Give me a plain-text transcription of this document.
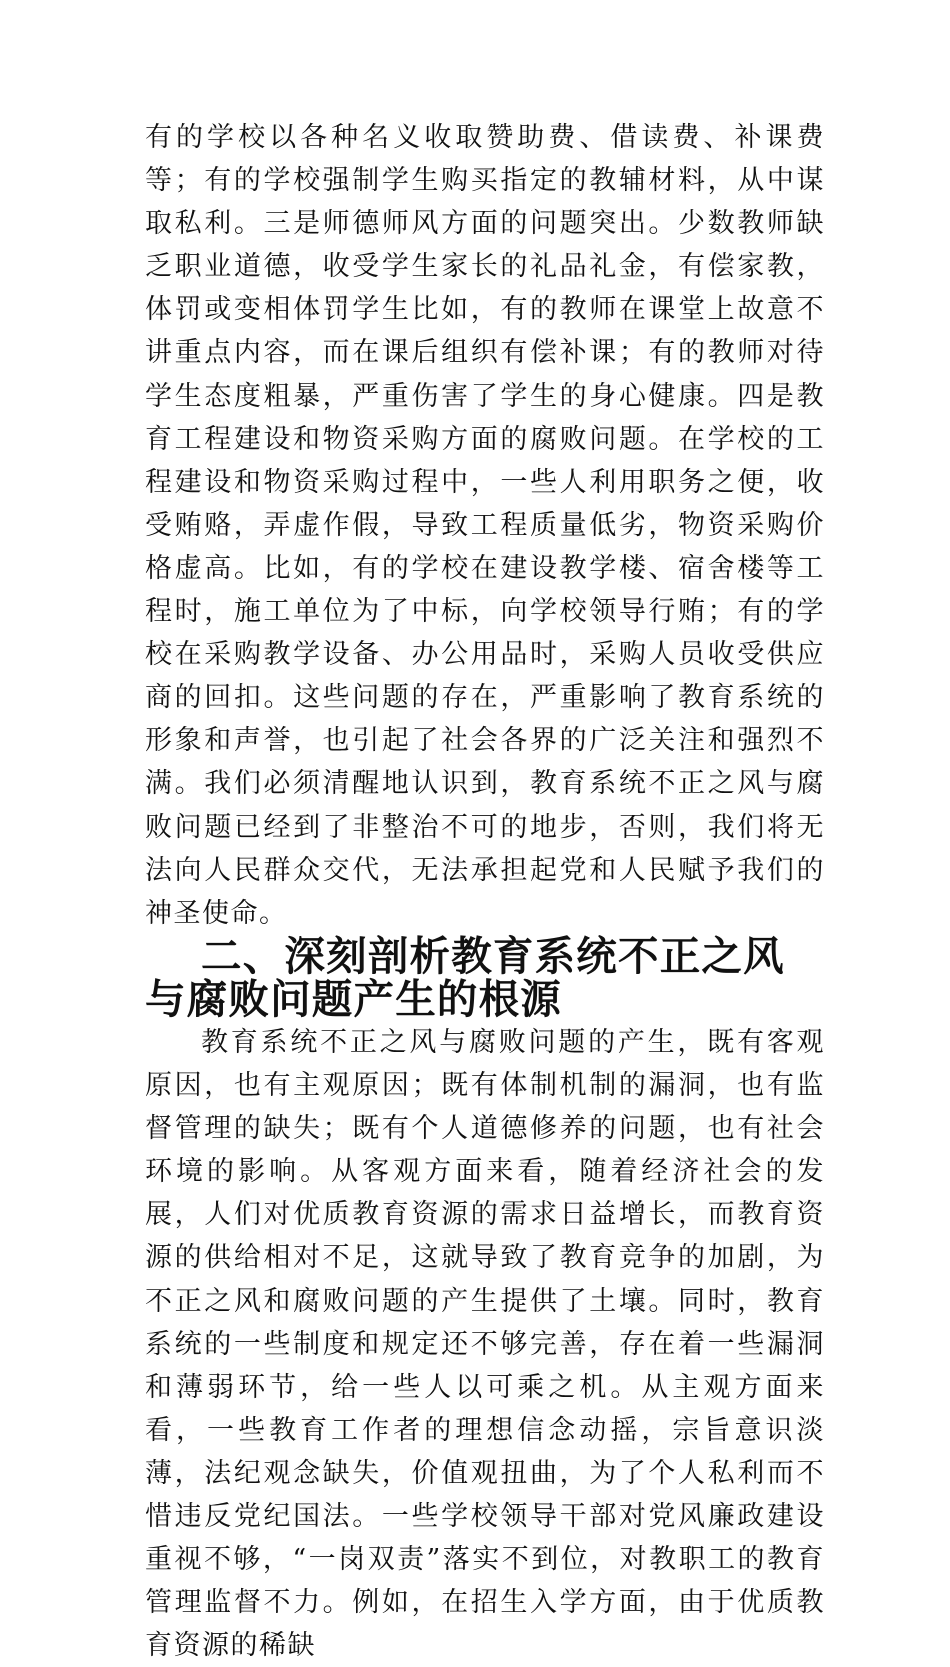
有的学校以各种名义收取赞助费、借读费、补课费等；有的学校强制学生购买指定的教辅材料，从中谋取私利。三是师德师风方面的问题突出。少数教师缺乏职业道德，收受学生家长的礼品礼金，有偿家教，体罚或变相体罚学生比如，有的教师在课堂上故意不讲重点内容，而在课后组织有偿补课；有的教师对待学生态度粗暴，严重伤害了学生的身心健康。四是教育工程建设和物资采购方面的腐败问题。在学校的工程建设和物资采购过程中，一些人利用职务之便，收受贿赂，弄虚作假，导致工程质量低劣，物资采购价格虚高。比如，有的学校在建设教学楼、宿舍楼等工程时，施工单位为了中标，向学校领导行贿；有的学校在采购教学设备、办公用品时，采购人员收受供应商的回扣。这些问题的存在，严重影响了教育系统的形象和声誉，也引起了社会各界的广泛关注和强烈不满。我们必须清醒地认识到，教育系统不正之风与腐败问题已经到了非整治不可的地步，否则，我们将无法向人民群众交代，无法承担起党和人民赋予我们的神圣使命。

二、深刻剖析教育系统不正之风与腐败问题产生的根源

教育系统不正之风与腐败问题的产生，既有客观原因，也有主观原因；既有体制机制的漏洞，也有监督管理的缺失；既有个人道德修养的问题，也有社会环境的影响。从客观方面来看，随着经济社会的发展，人们对优质教育资源的需求日益增长，而教育资源的供给相对不足，这就导致了教育竞争的加剧，为不正之风和腐败问题的产生提供了土壤。同时，教育系统的一些制度和规定还不够完善，存在着一些漏洞和薄弱环节，给一些人以可乘之机。从主观方面来看，一些教育工作者的理想信念动摇，宗旨意识淡薄，法纪观念缺失，价值观扭曲，为了个人私利而不惜违反党纪国法。一些学校领导干部对党风廉政建设重视不够，“一岗双责”落实不到位，对教职工的教育管理监督不力。例如，在招生入学方面，由于优质教育资源的稀缺
